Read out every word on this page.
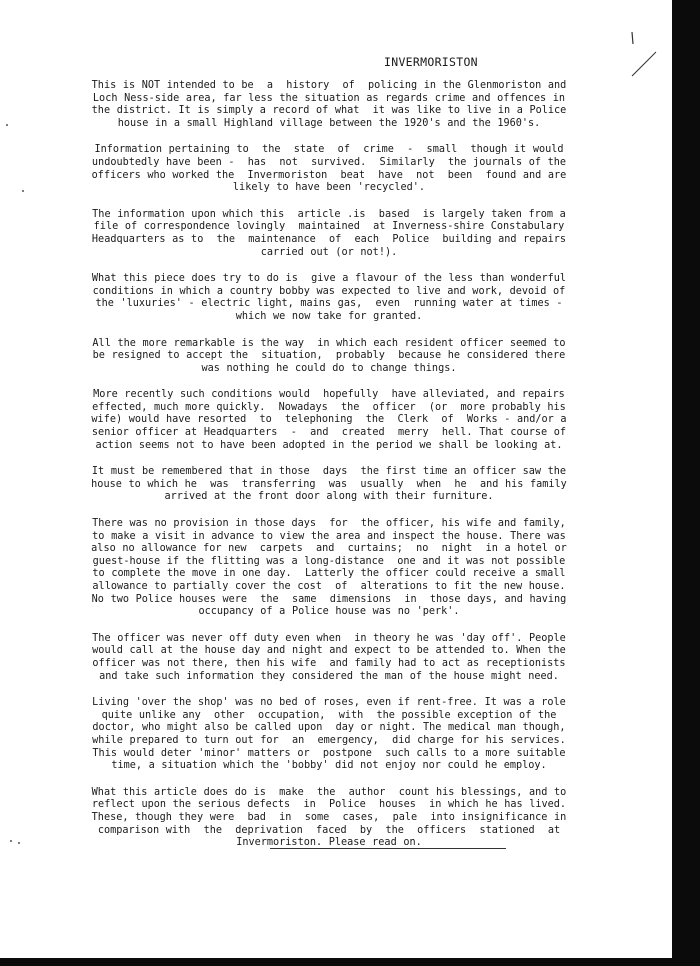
INVERMORISTON
This is NOT intended to be  a  history  of  policing in the Glenmoriston and
Loch Ness-side area, far less the situation as regards crime and offences in
the district. It is simply a record of what  it was like to live in a Police
house in a small Highland village between the 1920's and the 1960's.
Information pertaining to  the  state  of  crime  -  small  though it would
undoubtedly have been -  has  not  survived.  Similarly  the journals of the
officers who worked the  Invermoriston  beat  have  not  been  found and are
likely to have been 'recycled'.
The information upon which this  article .is  based  is largely taken from a
file of correspondence lovingly  maintained  at Inverness-shire Constabulary
Headquarters as to  the  maintenance  of  each  Police  building and repairs
carried out (or not!).
What this piece does try to do is  give a flavour of the less than wonderful
conditions in which a country bobby was expected to live and work, devoid of
the 'luxuries' - electric light, mains gas,  even  running water at times -
which we now take for granted.
All the more remarkable is the way  in which each resident officer seemed to
be resigned to accept the  situation,  probably  because he considered there
was nothing he could do to change things.
More recently such conditions would  hopefully  have alleviated, and repairs
effected, much more quickly.  Nowadays  the  officer  (or  more probably his
wife) would have resorted  to  telephoning  the  Clerk  of  Works - and/or a
senior officer at Headquarters  -  and  created  merry  hell. That course of
action seems not to have been adopted in the period we shall be looking at.
It must be remembered that in those  days  the first time an officer saw the
house to which he  was  transferring  was  usually  when  he  and his family
arrived at the front door along with their furniture.
There was no provision in those days  for  the officer, his wife and family,
to make a visit in advance to view the area and inspect the house. There was
also no allowance for new  carpets  and  curtains;  no  night  in a hotel or
guest-house if the flitting was a long-distance  one and it was not possible
to complete the move in one day.  Latterly the officer could receive a small
allowance to partially cover the cost  of  alterations to fit the new house.
No two Police houses were  the  same  dimensions  in  those days, and having
occupancy of a Police house was no 'perk'.
The officer was never off duty even when  in theory he was 'day off'. People
would call at the house day and night and expect to be attended to. When the
officer was not there, then his wife  and family had to act as receptionists
and take such information they considered the man of the house might need.
Living 'over the shop' was no bed of roses, even if rent-free. It was a role
quite unlike any  other  occupation,  with  the possible exception of the
doctor, who might also be called upon  day or night. The medical man though,
while prepared to turn out for  an  emergency,  did charge for his services.
This would deter 'minor' matters or  postpone  such calls to a more suitable
time, a situation which the 'bobby' did not enjoy nor could he employ.
What this article does do is  make  the  author  count his blessings, and to
reflect upon the serious defects  in  Police  houses  in which he has lived.
These, though they were  bad  in  some  cases,  pale  into insignificance in
comparison with  the  deprivation  faced  by  the  officers  stationed  at
Invermoriston. Please read on.
